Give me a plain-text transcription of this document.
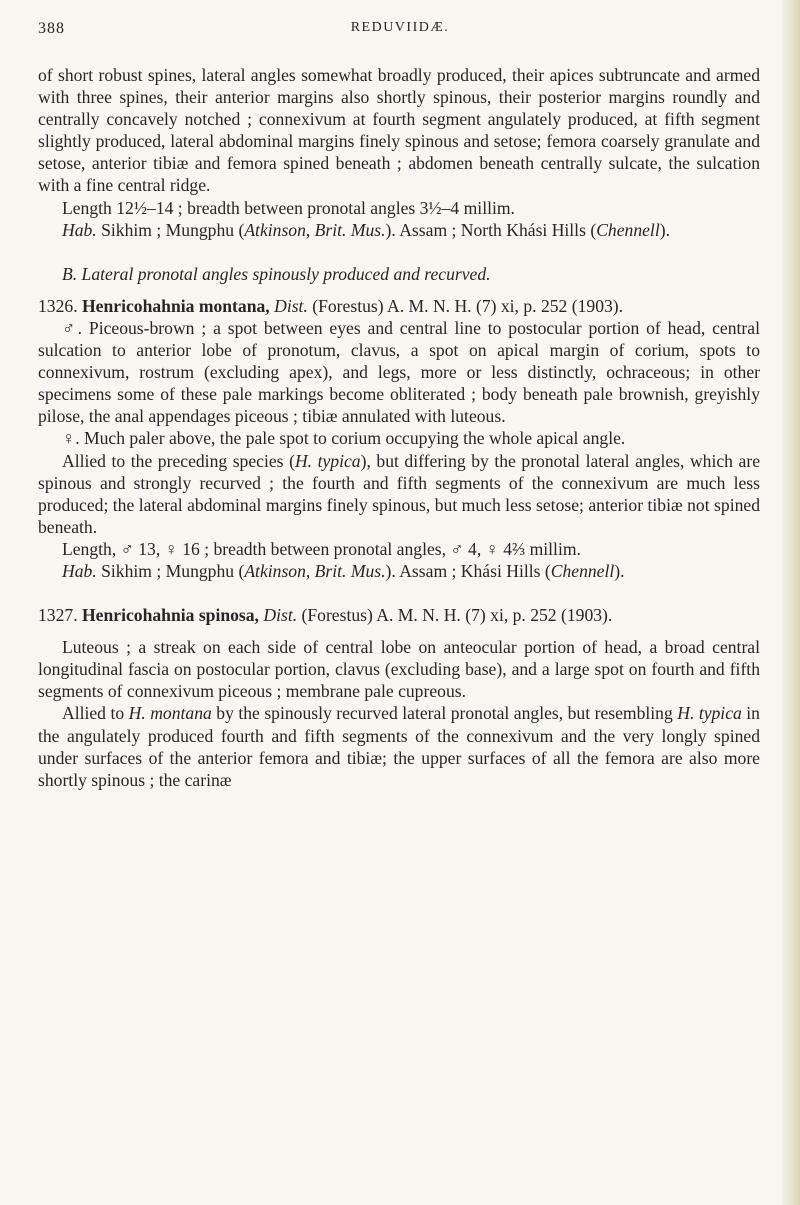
388	REDUVIIDÆ.

of short robust spines, lateral angles somewhat broadly produced, their apices subtruncate and armed with three spines, their anterior margins also shortly spinous, their posterior margins roundly and centrally concavely notched ; connexivum at fourth segment angulately produced, at fifth segment slightly produced, lateral abdominal margins finely spinous and setose; femora coarsely granulate and setose, anterior tibiæ and femora spined beneath ; abdomen beneath centrally sulcate, the sulcation with a fine central ridge.

Length 12½–14 ; breadth between pronotal angles 3½–4 millim.

Hab. Sikhim ; Mungphu (Atkinson, Brit. Mus.). Assam ; North Khási Hills (Chennell).

B. Lateral pronotal angles spinously produced and recurved.

1326. Henricohahnia montana, Dist. (Forestus) A. M. N. H. (7) xi, p. 252 (1903).

♂. Piceous-brown ; a spot between eyes and central line to postocular portion of head, central sulcation to anterior lobe of pronotum, clavus, a spot on apical margin of corium, spots to connexivum, rostrum (excluding apex), and legs, more or less distinctly, ochraceous; in other specimens some of these pale markings become obliterated ; body beneath pale brownish, greyishly pilose, the anal appendages piceous ; tibiæ annulated with luteous.

♀. Much paler above, the pale spot to corium occupying the whole apical angle.

Allied to the preceding species (H. typica), but differing by the pronotal lateral angles, which are spinous and strongly recurved ; the fourth and fifth segments of the connexivum are much less produced; the lateral abdominal margins finely spinous, but much less setose; anterior tibiæ not spined beneath.

Length, ♂ 13, ♀ 16 ; breadth between pronotal angles, ♂ 4, ♀ 4⅔ millim.

Hab. Sikhim ; Mungphu (Atkinson, Brit. Mus.). Assam ; Khási Hills (Chennell).

1327. Henricohahnia spinosa, Dist. (Forestus) A. M. N. H. (7) xi, p. 252 (1903).

Luteous ; a streak on each side of central lobe on anteocular portion of head, a broad central longitudinal fascia on postocular portion, clavus (excluding base), and a large spot on fourth and fifth segments of connexivum piceous ; membrane pale cupreous.

Allied to H. montana by the spinously recurved lateral pronotal angles, but resembling H. typica in the angulately produced fourth and fifth segments of the connexivum and the very longly spined under surfaces of the anterior femora and tibiæ; the upper surfaces of all the femora are also more shortly spinous ; the carinæ
